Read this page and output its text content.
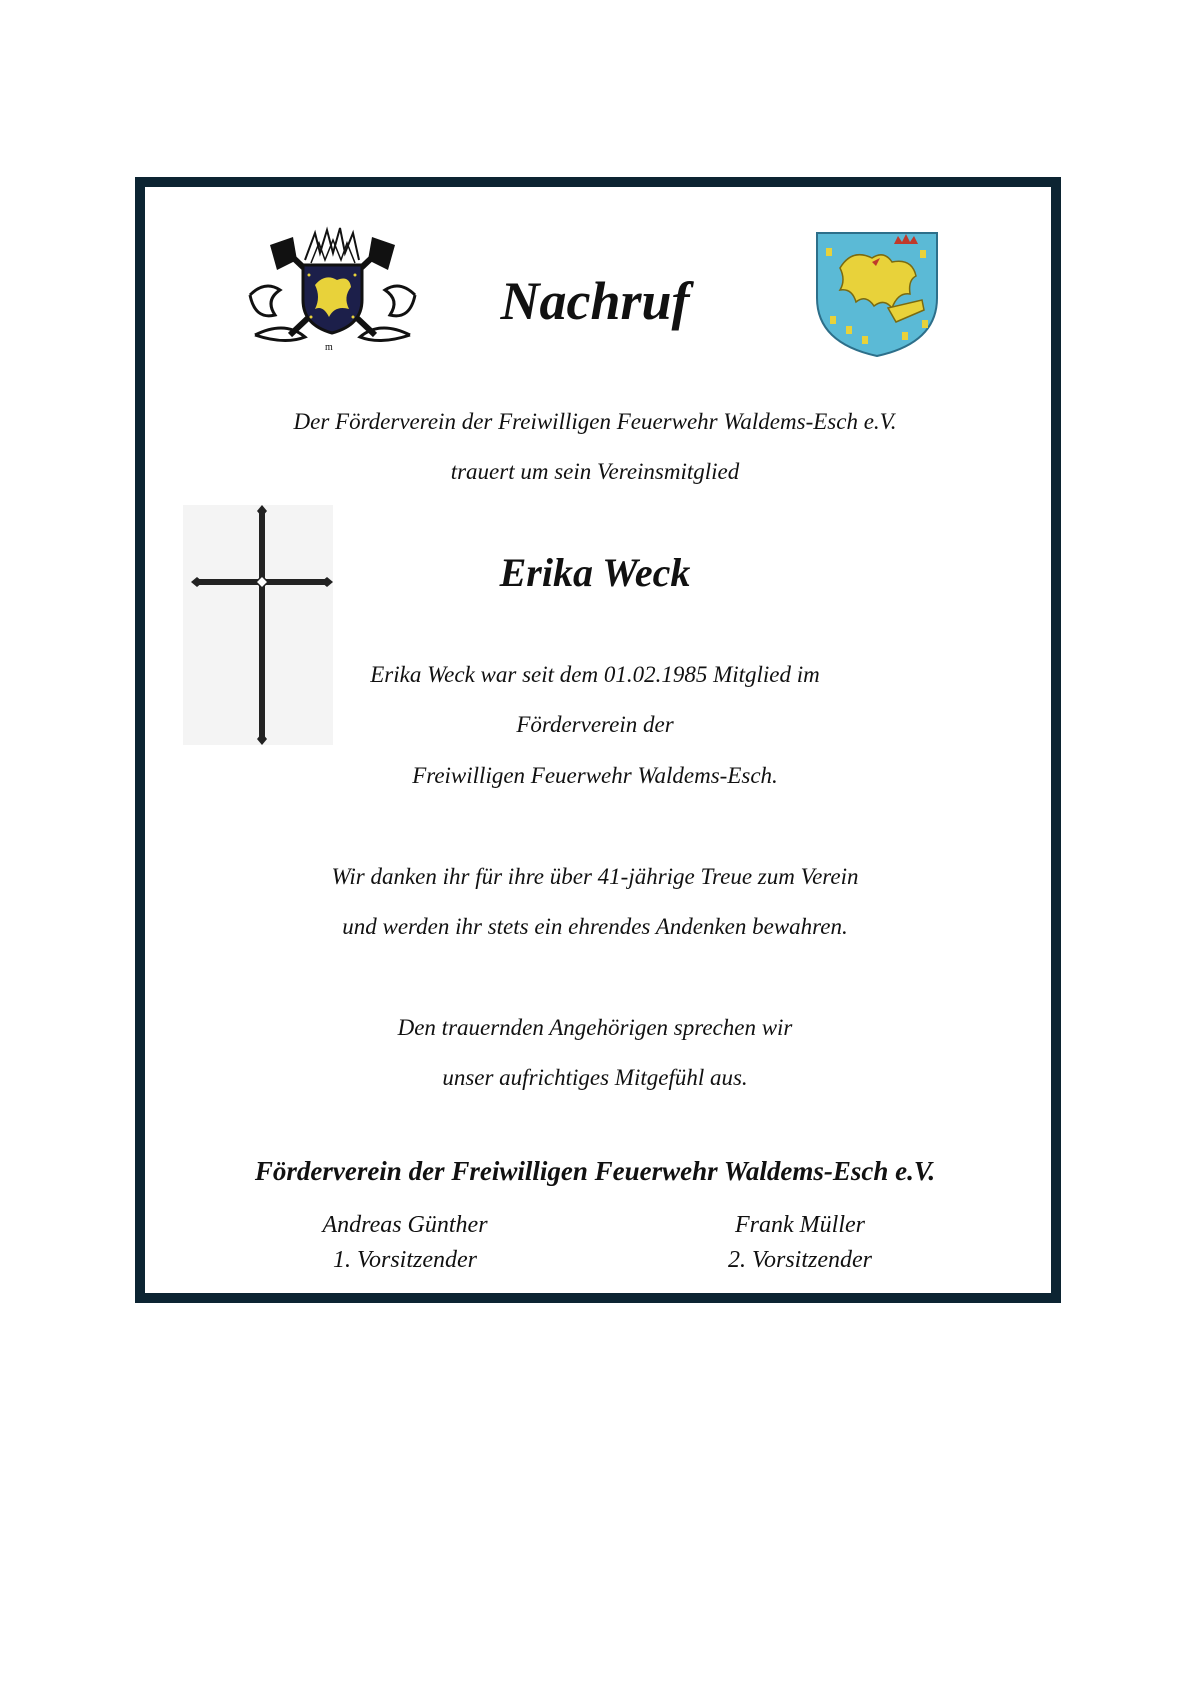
m
Nachruf
Der Förderverein der Freiwilligen Feuerwehr Waldems-Esch e.V.
trauert um sein Vereinsmitglied
Erika Weck
Erika Weck war seit dem 01.02.1985 Mitglied im
Förderverein der
Freiwilligen Feuerwehr Waldems-Esch.
Wir danken ihr für ihre über 41-jährige Treue zum Verein
und werden ihr stets ein ehrendes Andenken bewahren.
Den trauernden Angehörigen sprechen wir
unser aufrichtiges Mitgefühl aus.
Förderverein der Freiwilligen Feuerwehr Waldems-Esch e.V.
Andreas Günther
1. Vorsitzender
Frank Müller
2. Vorsitzender
